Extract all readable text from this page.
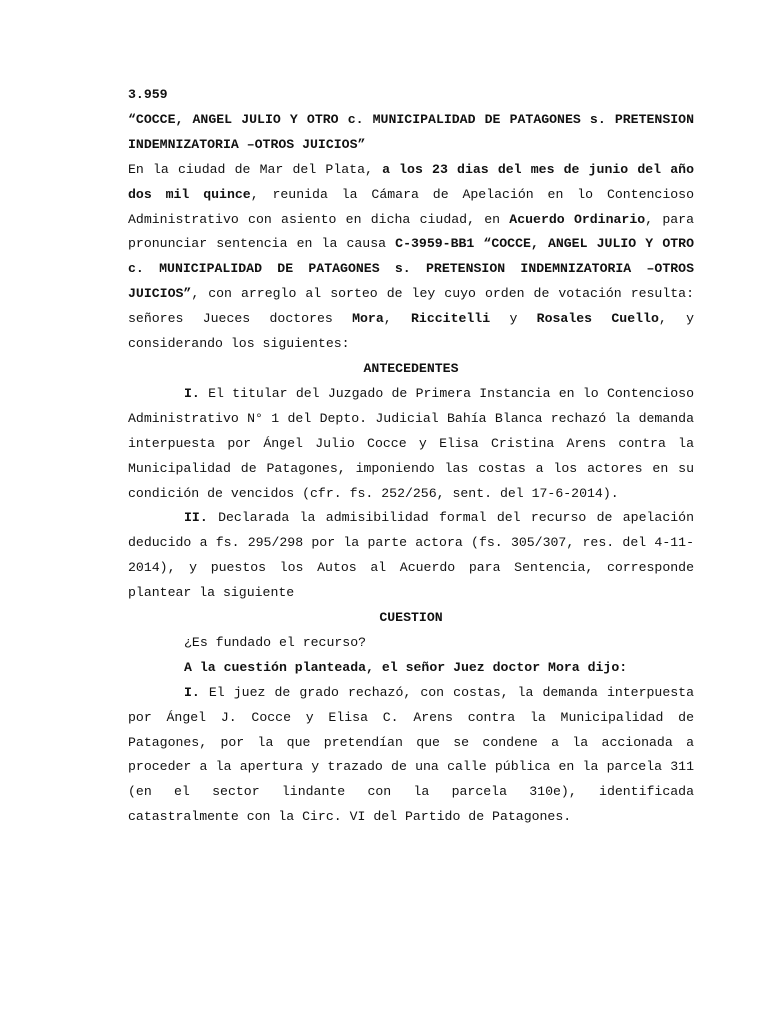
3.959

“COCCE, ANGEL JULIO Y OTRO c. MUNICIPALIDAD DE PATAGONES s. PRETENSION INDEMNIZATORIA –OTROS JUICIOS”

En la ciudad de Mar del Plata, a los 23 dias del mes de junio del año dos mil quince, reunida la Cámara de Apelación en lo Contencioso Administrativo con asiento en dicha ciudad, en Acuerdo Ordinario, para pronunciar sentencia en la causa C-3959-BB1 “COCCE, ANGEL JULIO Y OTRO c. MUNICIPALIDAD DE PATAGONES s. PRETENSION INDEMNIZATORIA –OTROS JUICIOS”, con arreglo al sorteo de ley cuyo orden de votación resulta: señores Jueces doctores Mora, Riccitelli y Rosales Cuello, y considerando los siguientes:

ANTECEDENTES

I. El titular del Juzgado de Primera Instancia en lo Contencioso Administrativo N° 1 del Depto. Judicial Bahía Blanca rechazó la demanda interpuesta por Ángel Julio Cocce y Elisa Cristina Arens contra la Municipalidad de Patagones, imponiendo las costas a los actores en su condición de vencidos (cfr. fs. 252/256, sent. del 17-6-2014).

II. Declarada la admisibilidad formal del recurso de apelación deducido a fs. 295/298 por la parte actora (fs. 305/307, res. del 4-11-2014), y puestos los Autos al Acuerdo para Sentencia, corresponde plantear la siguiente

CUESTION

¿Es fundado el recurso?

A la cuestión planteada, el señor Juez doctor Mora dijo:

I. El juez de grado rechazó, con costas, la demanda interpuesta por Ángel J. Cocce y Elisa C. Arens contra la Municipalidad de Patagones, por la que pretendían que se condene a la accionada a proceder a la apertura y trazado de una calle pública en la parcela 311 (en el sector lindante con la parcela 310e), identificada catastralmente con la Circ. VI del Partido de Patagones.
